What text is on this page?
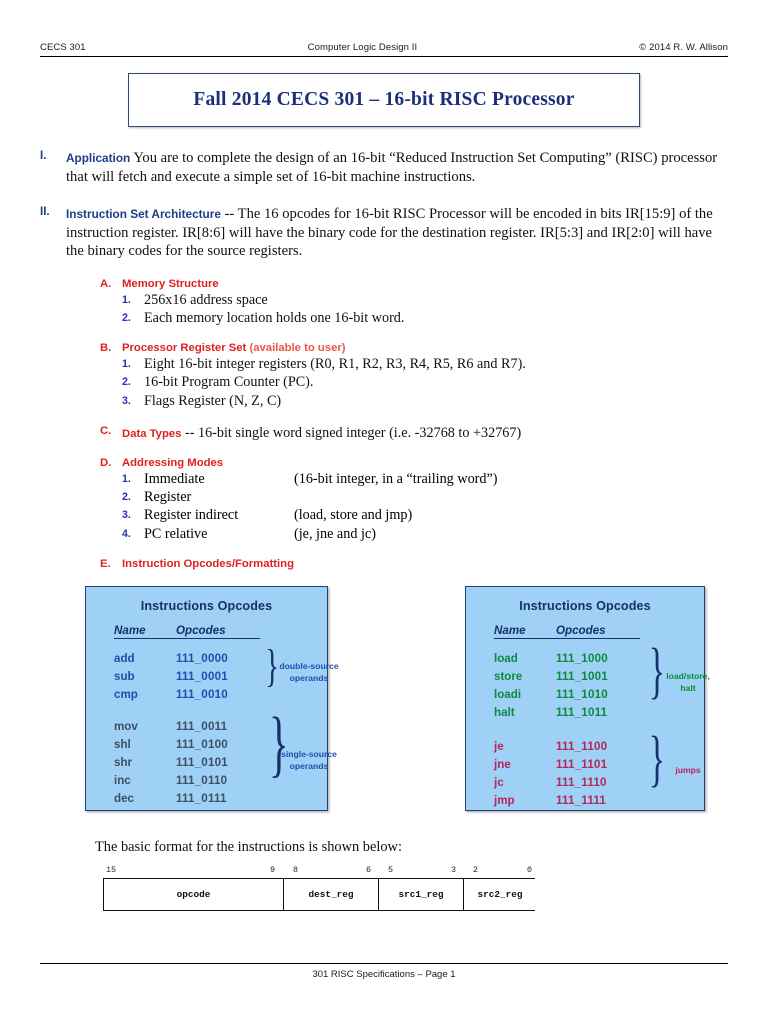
CECS 301	Computer Logic Design II	© 2014 R. W. Allison
Fall 2014 CECS 301 – 16-bit RISC Processor
I.	Application You are to complete the design of an 16-bit “Reduced Instruction Set Computing” (RISC) processor that will fetch and execute a simple set of 16-bit machine instructions.
II.	Instruction Set Architecture -- The 16 opcodes for 16-bit RISC Processor will be encoded in bits IR[15:9] of the instruction register. IR[8:6] will have the binary code for the destination register. IR[5:3] and IR[2:0] will have the binary codes for the source registers.
A. Memory Structure
1. 256x16 address space
2. Each memory location holds one 16-bit word.
B. Processor Register Set (available to user)
1. Eight 16-bit integer registers (R0, R1, R2, R3, R4, R5, R6 and R7).
2. 16-bit Program Counter (PC).
3. Flags Register (N, Z, C)
C. Data Types -- 16-bit single word signed integer (i.e. -32768 to +32767)
D. Addressing Modes
1. Immediate	(16-bit integer, in a “trailing word”)
2. Register
3. Register indirect	(load, store and jmp)
4. PC relative	(je, jne and jc)
E.	Instruction Opcodes/Formatting
Instructions Opcodes
Name	Opcodes
add	111_0000
sub	111_0001
cmp	111_0010
} double-source
operands
mov	111_0011
shl	111_0100
shr	111_0101
inc	111_0110
dec	111_0111
}
single-source
operands
Instructions Opcodes
Name	Opcodes
load	111_1000
store	111_1001
loadi	111_1010
halt	111_1011
} load/store,
halt
je	111_1100
jne	111_1101
jc	111_1110
jmp	111_1111
}	jumps
The basic format for the instructions is shown below:
15	9 8	6 5	3 2	0
opcode	dest_reg	src1_reg	src2_reg
301 RISC Specifications – Page 1
